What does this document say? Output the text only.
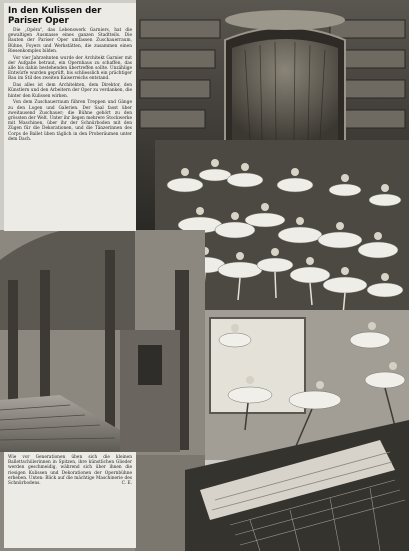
In den Kulissen der Pariser Oper

Die „Opéra", das Lebenswerk Garniers, hat die gewaltigen Ausmasse eines ganzen Stadtteils. Die Bauten der Pariser Oper umfassen Zuschauerraum, Bühne, Foyers und Werkstätten, die zusammen einen Riesenkomplex bilden.

Vor vier Jahrzehnten wurde der Architekt Garnier mit der Aufgabe betraut, ein Opernhaus zu schaffen, das alle bis dahin bestehenden übertreffen sollte. Unzählige Entwürfe wurden geprüft, bis schliesslich ein prächtiger Bau im Stil des zweiten Kaiserreichs entstand.

Das alles ist dem Architekten, dem Direktor, den Künstlern und den Arbeitern der Oper zu verdanken, die hinter den Kulissen wirken.

Von dem Zuschauerraum führen Treppen und Gänge zu den Logen und Galerien. Der Saal fasst über zweitausend Zuschauer; die Bühne gehört zu den grössten der Welt. Unter ihr liegen mehrere Stockwerke mit Maschinen, über ihr der Schnürboden mit den Zügen für die Dekorationen, und die Tänzerinnen des Corps de Ballet üben täglich in den Proberäumen unter dem Dach.

Wie vor Generationen üben sich die kleinen Ballettschülerinnen in Spitzen, ihre künstlichen Glieder werden geschmeidig, während sich über ihnen die riesigen Kulissen und Dekorationen der Opernbühne erheben. Unten: Blick auf die mächtige Maschinerie des Schnürbodens.	C. E.
